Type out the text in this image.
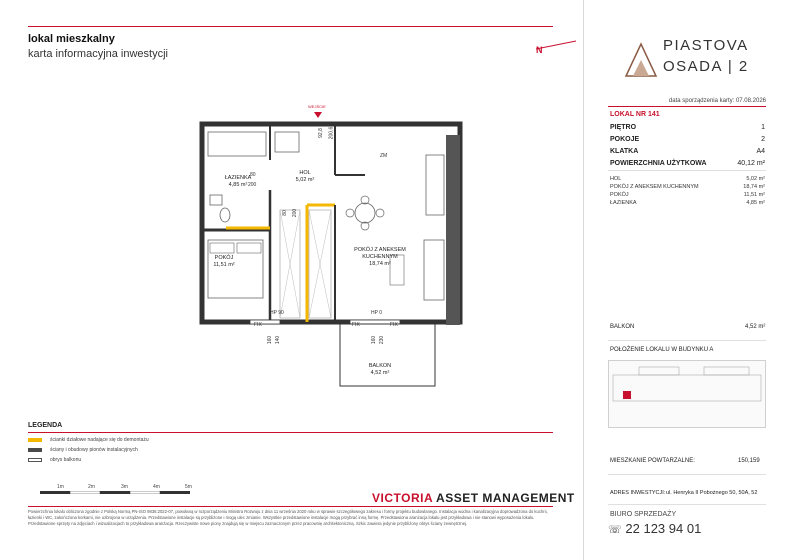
lokal mieszkalny
karta informacyjna inwestycji	N
WEJŚCIE
ŁAZIENKA
4,85 m²
HOL
5,02 m²
POKÓJ
11,51 m²
POKÓJ Z ANEKSEM KUCHENNYM
18,74 m²
BALKON
4,52 m²
92,8 200,6
80
200
80 200
ZM
HP 90	HP 0
FIX	FIX	FIX
160 140	160 230
LEGENDA
ścianki działowe nadające się do demontażu
ściany i obudowy pionów instalacyjnych
obrys balkonu
1m	2m	3m	4m	5m
VICTORIA ASSET MANAGEMENT
Powierzchnia lokalu obliczona zgodnie z Polską Normą PN-ISO 9836:2022-07, powołaną w rozporządzeniu Ministra Rozwoju z dnia 11 września 2020 roku w sprawie szczegółowego zakresu i formy projektu budowlanego. Instalacja wodna i kanalizacyjna doprowadzona do kuchni, łazienki i WC, zakończona korkami, nie uzbrojona w urządzenia. Przedstawione instalacje są przybliżone i mogą ulec zmianie. Wszystkie przedstawione instalacje mogą przybrać inną formę. Przedstawiona aranżacja lokalu jest przykładowa i nie stanowi wyposażenia lokalu. Przedstawione sprzęty na zdjęciach i wizualizacjach to przykładowa aranżacja. Rzeczywiste nowe piony znajdują się w miejscu zaznaczonym przez pracownię architektoniczną. Szkic zawiera jedynie przybliżony obrys ściany zewnętrznej.
PIASTOVA
OSADA | 2
data sporządzenia karty: 07.08.2026
LOKAL NR 141
PIĘTRO	1
POKOJE	2
KLATKA	A4
POWIERZCHNIA UŻYTKOWA	40,12 m²
HOL	5,02 m²
POKÓJ Z ANEKSEM KUCHENNYM	18,74 m²
POKÓJ	11,51 m²
ŁAZIENKA	4,85 m²
BALKON	4,52 m²
POŁOŻENIE LOKALU W BUDYNKU A
MIESZKANIE POWTARZALNE:	150,159
ADRES INWESTYCJI: ul. Henryka II Pobożnego 50, 50A, 52
BIURO SPRZEDAŻY
☏ 22 123 94 01
